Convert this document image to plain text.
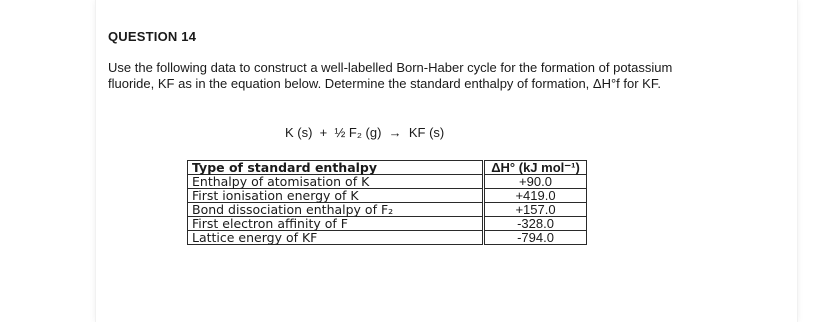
QUESTION 14
Use the following data to construct a well-labelled Born-Haber cycle for the formation of potassium fluoride, KF as in the equation below. Determine the standard enthalpy of formation, ΔH°f for KF.
K (s)  +  ½ F₂ (g)  →  KF (s)
Type of standard enthalpy		ΔH° (kJ mol⁻¹)
Enthalpy of atomisation of K		+90.0
First ionisation energy of K		+419.0
Bond dissociation enthalpy of F₂		+157.0
First electron affinity of F		-328.0
Lattice energy of KF		-794.0
